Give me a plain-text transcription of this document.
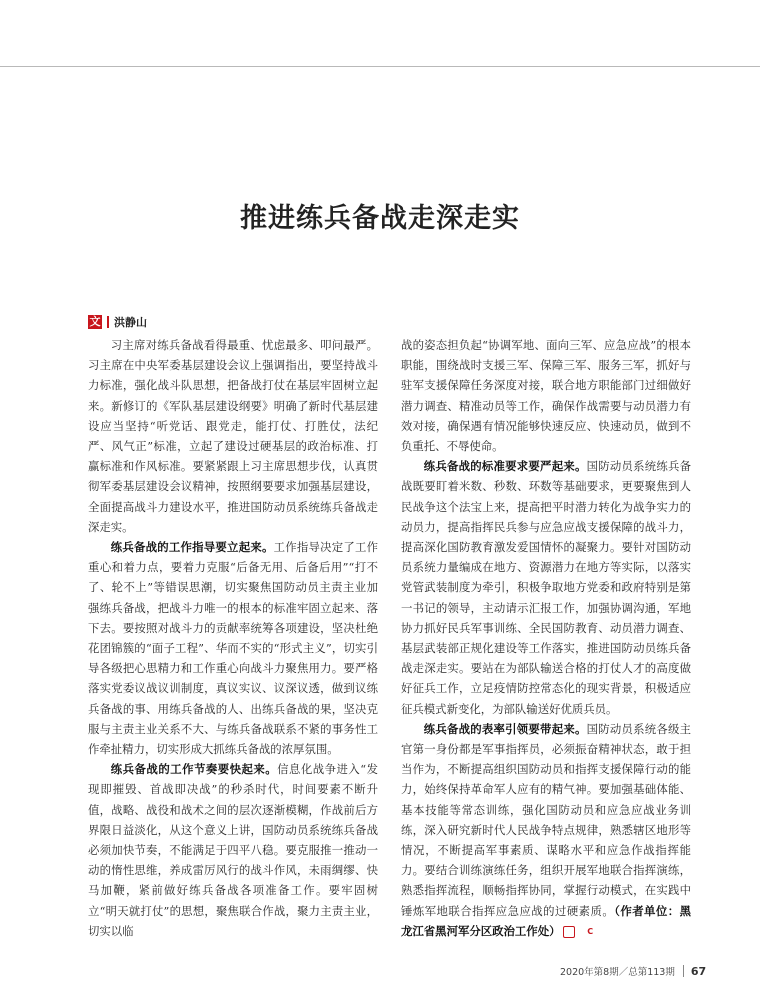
推进练兵备战走深走实
文 洪静山

习主席对练兵备战看得最重、忧虑最多、叩问最严。习主席在中央军委基层建设会议上强调指出，要坚持战斗力标准，强化战斗队思想，把备战打仗在基层牢固树立起来。新修订的《军队基层建设纲要》明确了新时代基层建设应当坚持“听党话、跟党走，能打仗、打胜仗，法纪严、风气正”标准，立起了建设过硬基层的政治标准、打赢标准和作风标准。要紧紧跟上习主席思想步伐，认真贯彻军委基层建设会议精神，按照纲要要求加强基层建设，全面提高战斗力建设水平，推进国防动员系统练兵备战走深走实。

练兵备战的工作指导要立起来。工作指导决定了工作重心和着力点，要着力克服“后备无用、后备后用”“打不了、轮不上”等错误思潮，切实聚焦国防动员主责主业加强练兵备战，把战斗力唯一的根本的标准牢固立起来、落下去。要按照对战斗力的贡献率统筹各项建设，坚决杜绝花团锦簇的“面子工程”、华而不实的“形式主义”，切实引导各级把心思精力和工作重心向战斗力聚焦用力。要严格落实党委议战议训制度，真议实议、议深议透，做到议练兵备战的事、用练兵备战的人、出练兵备战的果，坚决克服与主责主业关系不大、与练兵备战联系不紧的事务性工作牵扯精力，切实形成大抓练兵备战的浓厚氛围。

练兵备战的工作节奏要快起来。信息化战争进入“发现即摧毁、首战即决战”的秒杀时代，时间要素不断升值，战略、战役和战术之间的层次逐渐模糊，作战前后方界限日益淡化，从这个意义上讲，国防动员系统练兵备战必须加快节奏，不能满足于四平八稳。要克服推一推动一动的惰性思维，养成雷厉风行的战斗作风，未雨绸缪、快马加鞭，紧前做好练兵备战各项准备工作。要牢固树立“明天就打仗”的思想，聚焦联合作战，聚力主责主业，切实以临

战的姿态担负起“协调军地、面向三军、应急应战”的根本职能，围绕战时支援三军、保障三军、服务三军，抓好与驻军支援保障任务深度对接，联合地方职能部门过细做好潜力调查、精准动员等工作，确保作战需要与动员潜力有效对接，确保遇有情况能够快速反应、快速动员，做到不负重托、不辱使命。

练兵备战的标准要求要严起来。国防动员系统练兵备战既要盯着米数、秒数、环数等基础要求，更要聚焦到人民战争这个法宝上来，提高把平时潜力转化为战争实力的动员力，提高指挥民兵参与应急应战支援保障的战斗力，提高深化国防教育激发爱国情怀的凝聚力。要针对国防动员系统力量编成在地方、资源潜力在地方等实际，以落实党管武装制度为牵引，积极争取地方党委和政府特别是第一书记的领导，主动请示汇报工作，加强协调沟通，军地协力抓好民兵军事训练、全民国防教育、动员潜力调查、基层武装部正规化建设等工作落实，推进国防动员练兵备战走深走实。要站在为部队输送合格的打仗人才的高度做好征兵工作，立足疫情防控常态化的现实背景，积极适应征兵模式新变化，为部队输送好优质兵员。

练兵备战的表率引领要带起来。国防动员系统各级主官第一身份都是军事指挥员，必须振奋精神状态，敢于担当作为，不断提高组织国防动员和指挥支援保障行动的能力，始终保持革命军人应有的精气神。要加强基础体能、基本技能等常态训练，强化国防动员和应急应战业务训练，深入研究新时代人民战争特点规律，熟悉辖区地形等情况，不断提高军事素质、谋略水平和应急作战指挥能力。要结合训练演练任务，组织开展军地联合指挥演练，熟悉指挥流程，顺畅指挥协同，掌握行动模式，在实践中锤炼军地联合指挥应急应战的过硬素质。（作者单位：黑龙江省黑河军分区政治工作处）	C

2020年第8期／总第113期 67
